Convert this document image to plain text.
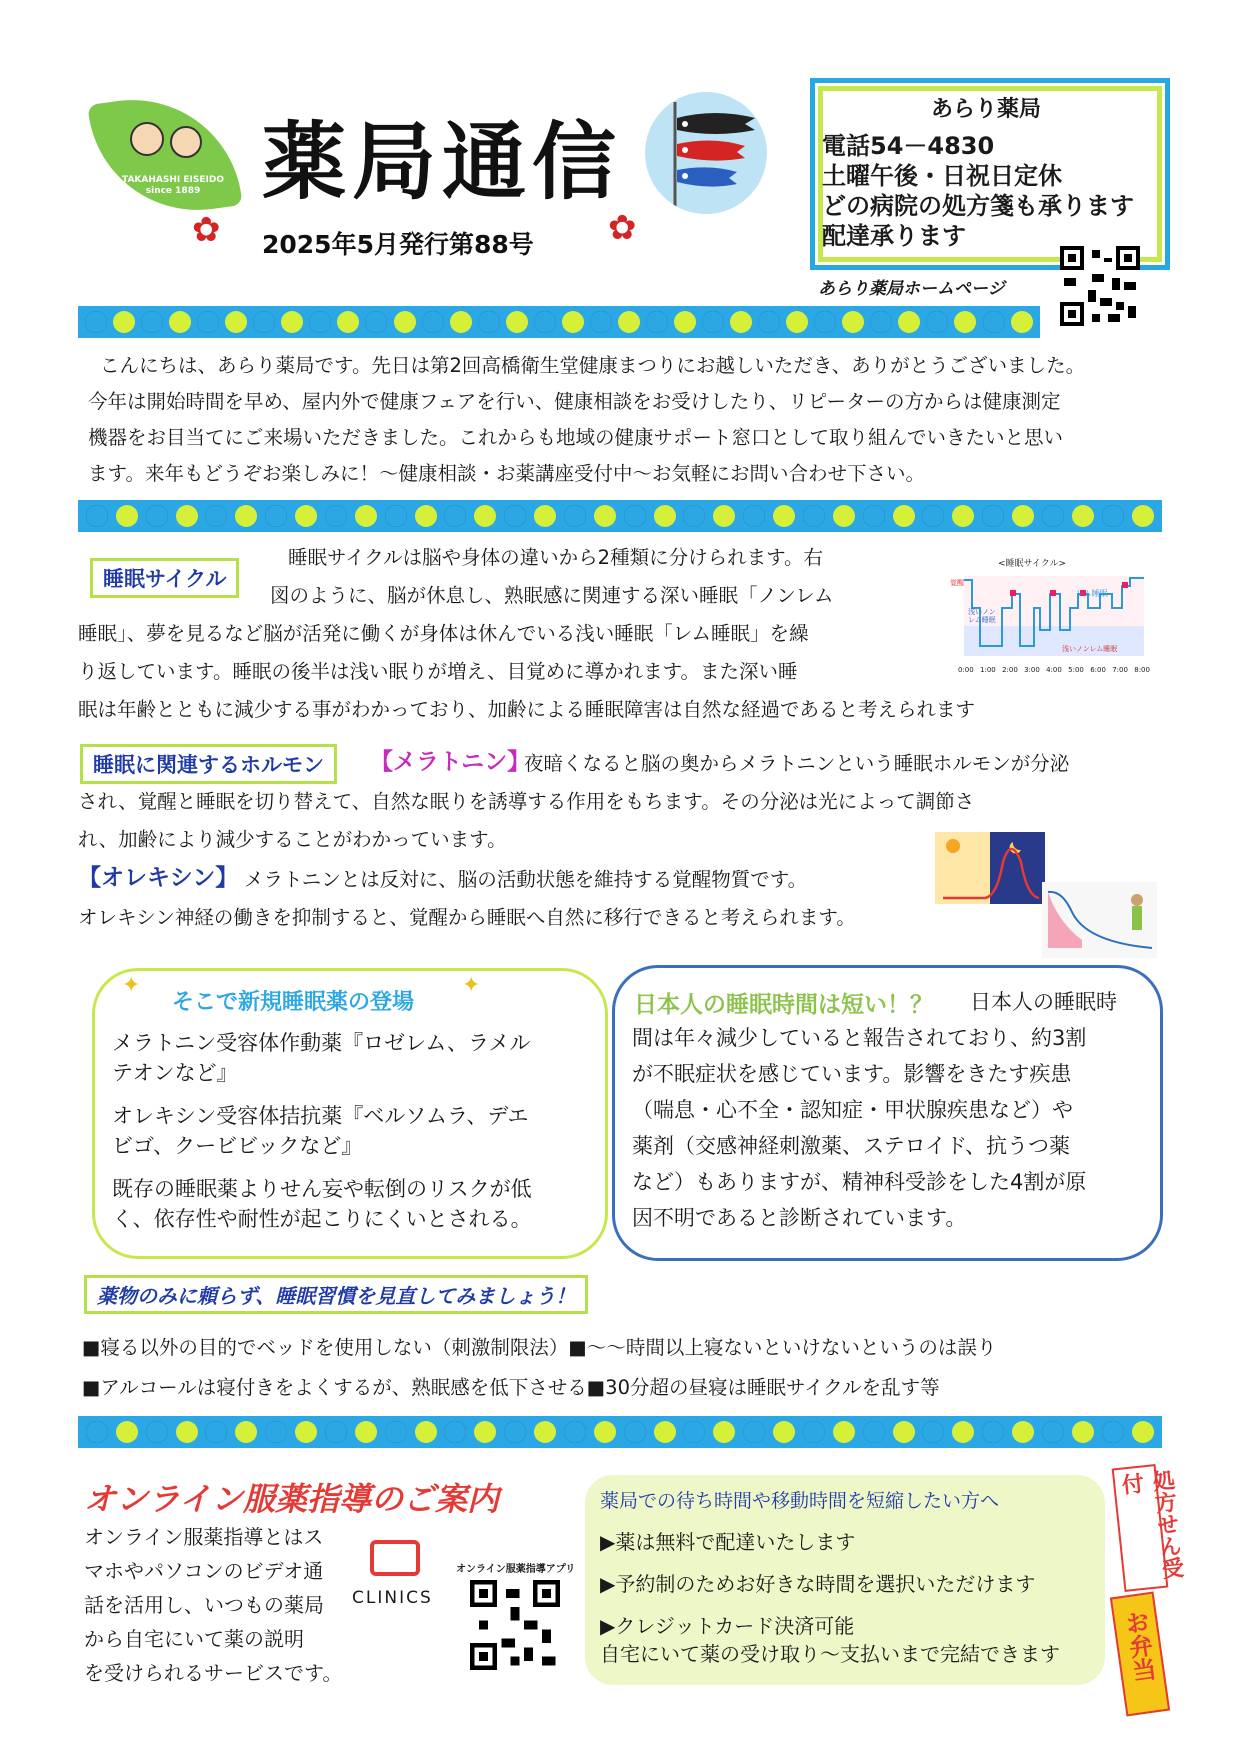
TAKAHASHI EISEIDO since 1889 薬局通信
2025年5月発行第88号
✿	✿
あらり薬局
電話54－4830
土曜午後・日祝日定休
どの病院の処方箋も承ります
配達承ります
あらり薬局ホームページ
こんにちは、あらり薬局です。先日は第2回高橋衛生堂健康まつりにお越しいただき、ありがとうございました。
今年は開始時間を早め、屋内外で健康フェアを行い、健康相談をお受けしたり、リピーターの方からは健康測定
機器をお目当てにご来場いただきました。これからも地域の健康サポート窓口として取り組んでいきたいと思い
ます。来年もどうぞお楽しみに！～健康相談・お薬講座受付中～お気軽にお問い合わせ下さい。
睡眠サイクル
睡眠サイクルは脳や身体の違いから2種類に分けられます。右
図のように、脳が休息し、熟眠感に関連する深い睡眠「ノンレム
睡眠」、夢を見るなど脳が活発に働くが身体は休んでいる浅い睡眠「レム睡眠」を繰
り返しています。睡眠の後半は浅い眠りが増え、目覚めに導かれます。また深い睡
眠は年齢とともに減少する事がわかっており、加齢による睡眠障害は自然な経過であると考えられます
<睡眠サイクル>
覚醒
浅いノンレム睡眠
レム睡眠
浅いノンレム睡眠
0:00 1:00 2:00 3:00 4:00 5:00 6:00 7:00 8:00
睡眠に関連するホルモン	【メラトニン】
夜暗くなると脳の奥からメラトニンという睡眠ホルモンが分泌
され、覚醒と睡眠を切り替えて、自然な眠りを誘導する作用をもちます。その分泌は光によって調節さ
れ、加齢により減少することがわかっています。
【オレキシン】 メラトニンとは反対に、脳の活動状態を維持する覚醒物質です。
オレキシン神経の働きを抑制すると、覚醒から睡眠へ自然に移行できると考えられます。
✦	✦
そこで新規睡眠薬の登場
メラトニン受容体作動薬『ロゼレム、ラメル
テオンなど』
オレキシン受容体拮抗薬『ベルソムラ、デエ
ビゴ、クービビックなど』
既存の睡眠薬よりせん妄や転倒のリスクが低
く、依存性や耐性が起こりにくいとされる。
日本人の睡眠時間は短い！？ 日本人の睡眠時
間は年々減少していると報告されており、約3割
が不眠症状を感じています。影響をきたす疾患
（喘息・心不全・認知症・甲状腺疾患など）や
薬剤（交感神経刺激薬、ステロイド、抗うつ薬
など）もありますが、精神科受診をした4割が原
因不明であると診断されています。
薬物のみに頼らず、睡眠習慣を見直してみましょう！
■寝る以外の目的でベッドを使用しない（刺激制限法）■～～時間以上寝ないといけないというのは誤り
■アルコールは寝付きをよくするが、熟眠感を低下させる■30分超の昼寝は睡眠サイクルを乱す等
オンライン服薬指導のご案内
オンライン服薬指導とはス
マホやパソコンのビデオ通
話を活用し、いつもの薬局
から自宅にいて薬の説明
を受けられるサービスです。
CLINICS
オンライン服薬指導アプリ
薬局での待ち時間や移動時間を短縮したい方へ
▶薬は無料で配達いたします
▶予約制のためお好きな時間を選択いただけます
▶クレジットカード決済可能
自宅にいて薬の受け取り～支払いまで完結できます
処方せん受付
お弁当
